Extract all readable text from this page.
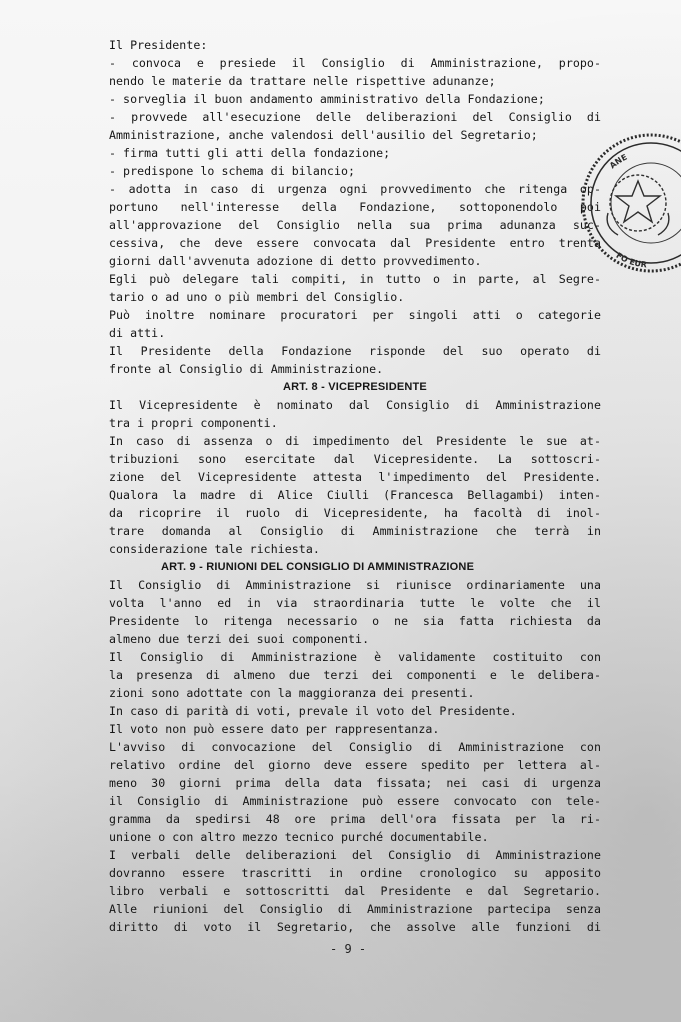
Il Presidente:
- convoca e presiede il Consiglio di Amministrazione, propo-
nendo le materie da trattare nelle rispettive adunanze;
- sorveglia il buon andamento amministrativo della Fondazione;
- provvede all'esecuzione delle deliberazioni del Consiglio di
Amministrazione, anche valendosi dell'ausilio del Segretario;
- firma tutti gli atti della fondazione;
- predispone lo schema di bilancio;
- adotta in caso di urgenza ogni provvedimento che ritenga op-
portuno nell'interesse della Fondazione, sottoponendolo poi
all'approvazione del Consiglio nella sua prima adunanza suc-
cessiva, che deve essere convocata dal Presidente entro trenta
giorni dall'avvenuta adozione di detto provvedimento.
Egli può delegare tali compiti, in tutto o in parte, al Segre-
tario o ad uno o più membri del Consiglio.
Può inoltre nominare procuratori per singoli atti o categorie
di atti.
Il Presidente della Fondazione risponde del suo operato di
fronte al Consiglio di Amministrazione.
ART. 8 - VICEPRESIDENTE
Il Vicepresidente è nominato dal Consiglio di Amministrazione
tra i propri componenti.
In caso di assenza o di impedimento del Presidente le sue at-
tribuzioni sono esercitate dal Vicepresidente. La sottoscri-
zione del Vicepresidente attesta l'impedimento del Presidente.
Qualora la madre di Alice Ciulli (Francesca Bellagambi) inten-
da ricoprire il ruolo di Vicepresidente, ha facoltà di inol-
trare domanda al Consiglio di Amministrazione che terrà in
considerazione tale richiesta.
ART. 9 - RIUNIONI DEL CONSIGLIO DI AMMINISTRAZIONE
Il Consiglio di Amministrazione si riunisce ordinariamente una
volta l'anno ed in via straordinaria tutte le volte che il
Presidente lo ritenga necessario o ne sia fatta richiesta da
almeno due terzi dei suoi componenti.
Il Consiglio di Amministrazione è validamente costituito con
la presenza di almeno due terzi dei componenti e le delibera-
zioni sono adottate con la maggioranza dei presenti.
In caso di parità di voti, prevale il voto del Presidente.
Il voto non può essere dato per rappresentanza.
L'avviso di convocazione del Consiglio di Amministrazione con
relativo ordine del giorno deve essere spedito per lettera al-
meno 30 giorni prima della data fissata; nei casi di urgenza
il Consiglio di Amministrazione può essere convocato con tele-
gramma da spedirsi 48 ore prima dell'ora fissata per la ri-
unione o con altro mezzo tecnico purché documentabile.
I verbali delle deliberazioni del Consiglio di Amministrazione
dovranno essere trascritti in ordine cronologico su apposito
libro verbali e sottoscritti dal Presidente e dal Segretario.
Alle riunioni del Consiglio di Amministrazione partecipa senza
diritto di voto il Segretario, che assolve alle funzioni di
- 9 -
ANE
FO EUR
